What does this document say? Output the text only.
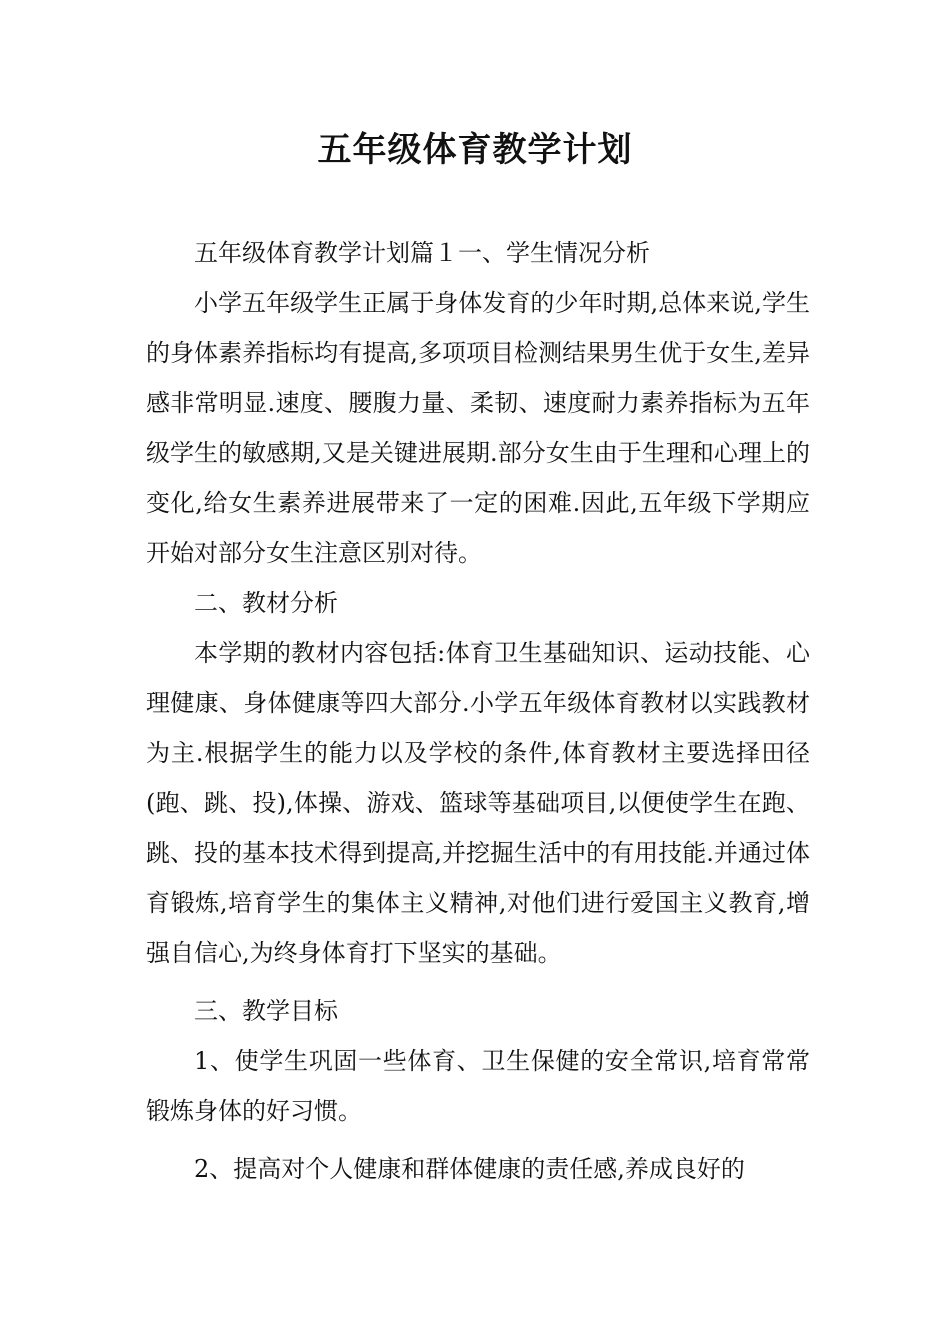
五年级体育教学计划

五年级体育教学计划篇１一、学生情况分析

小学五年级学生正属于身体发育的少年时期,总体来说,学生的身体素养指标均有提高,多项项目检测结果男生优于女生,差异感非常明显.速度、腰腹力量、柔韧、速度耐力素养指标为五年级学生的敏感期,又是关键进展期.部分女生由于生理和心理上的变化,给女生素养进展带来了一定的困难.因此,五年级下学期应开始对部分女生注意区别对待。

二、教材分析

本学期的教材内容包括:体育卫生基础知识、运动技能、心理健康、身体健康等四大部分.小学五年级体育教材以实践教材为主.根据学生的能力以及学校的条件,体育教材主要选择田径(跑、跳、投),体操、游戏、篮球等基础项目,以便使学生在跑、跳、投的基本技术得到提高,并挖掘生活中的有用技能.并通过体育锻炼,培育学生的集体主义精神,对他们进行爱国主义教育,增强自信心,为终身体育打下坚实的基础。

三、教学目标

1、使学生巩固一些体育、卫生保健的安全常识,培育常常锻炼身体的好习惯。

2、提高对个人健康和群体健康的责任感,养成良好的
